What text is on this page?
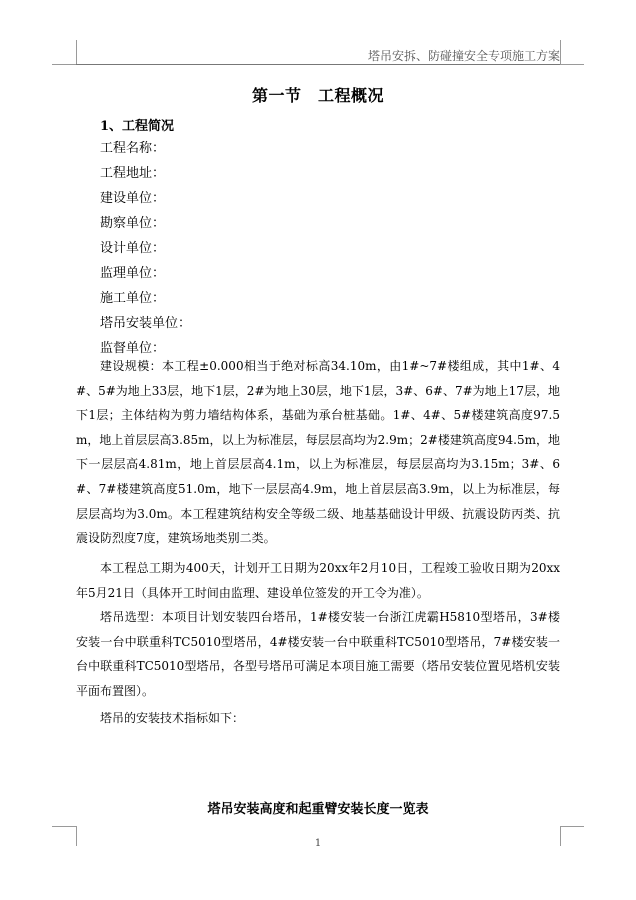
塔吊安拆、防碰撞安全专项施工方案
第一节　工程概况
1、工程简况
工程名称：
工程地址：
建设单位：
勘察单位：
设计单位：
监理单位：
施工单位：
塔吊安装单位：
监督单位：
建设规模：本工程±0.000相当于绝对标高34.10m，由1#~7#楼组成，其中1#、4#、5#为地上33层，地下1层，2#为地上30层，地下1层，3#、6#、7#为地上17层，地下1层；主体结构为剪力墙结构体系，基础为承台桩基础。1#、4#、5#楼建筑高度97.5m，地上首层层高3.85m，以上为标准层，每层层高均为2.9m；2#楼建筑高度94.5m，地下一层层高4.81m，地上首层层高4.1m，以上为标准层，每层层高均为3.15m；3#、6#、7#楼建筑高度51.0m，地下一层层高4.9m，地上首层层高3.9m，以上为标准层，每层层高均为3.0m。本工程建筑结构安全等级二级、地基基础设计甲级、抗震设防丙类、抗震设防烈度7度，建筑场地类别二类。
本工程总工期为400天，计划开工日期为20xx年2月10日，工程竣工验收日期为20xx年5月21日（具体开工时间由监理、建设单位签发的开工令为准）。
塔吊选型：本项目计划安装四台塔吊，1#楼安装一台浙江虎霸H5810型塔吊，3#楼安装一台中联重科TC5010型塔吊，4#楼安装一台中联重科TC5010型塔吊，7#楼安装一台中联重科TC5010型塔吊，各型号塔吊可满足本项目施工需要（塔吊安装位置见塔机安装平面布置图）。
塔吊的安装技术指标如下：
塔吊安装高度和起重臂安装长度一览表
1
